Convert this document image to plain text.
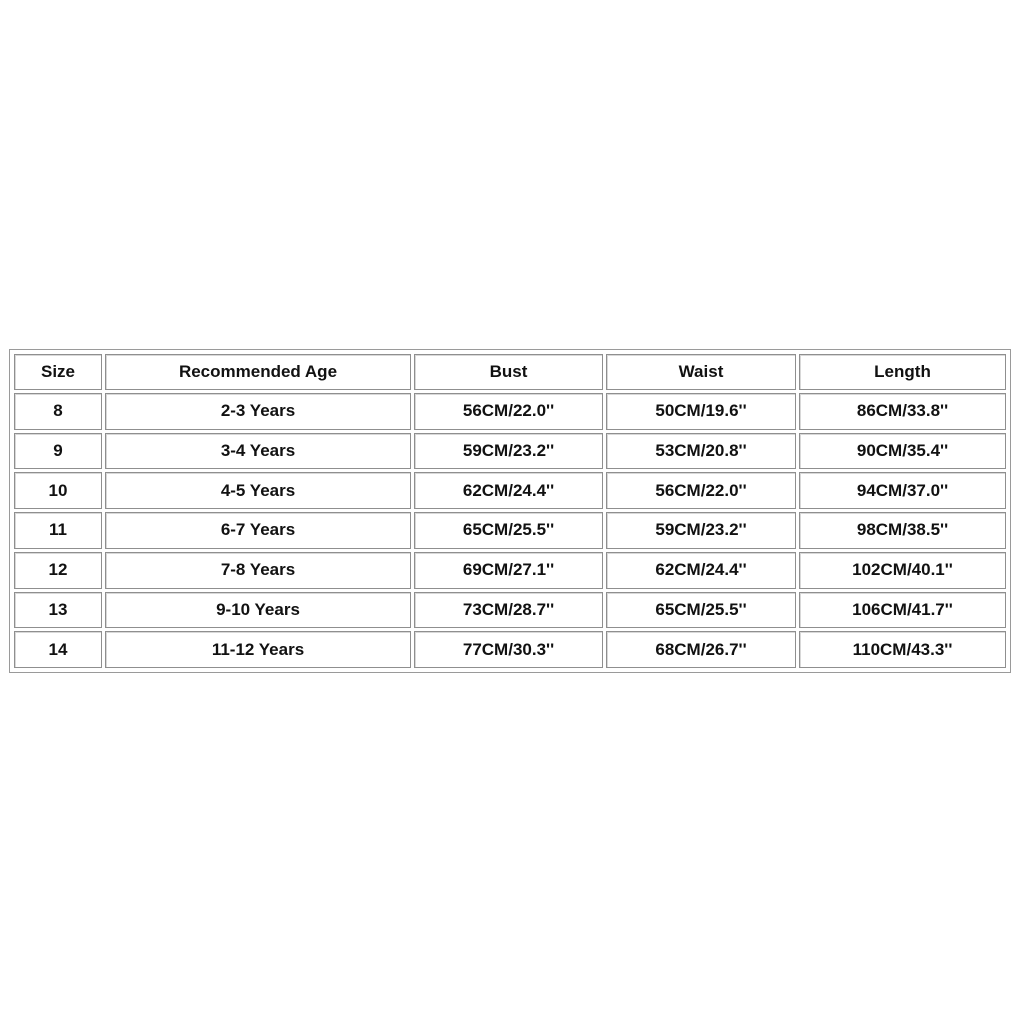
Size	Recommended Age	Bust	Waist	Length
8	2-3 Years	56CM/22.0''	50CM/19.6''	86CM/33.8''
9	3-4 Years	59CM/23.2''	53CM/20.8''	90CM/35.4''
10	4-5 Years	62CM/24.4''	56CM/22.0''	94CM/37.0''
11	6-7 Years	65CM/25.5''	59CM/23.2''	98CM/38.5''
12	7-8 Years	69CM/27.1''	62CM/24.4''	102CM/40.1''
13	9-10 Years	73CM/28.7''	65CM/25.5''	106CM/41.7''
14	11-12 Years	77CM/30.3''	68CM/26.7''	110CM/43.3''
